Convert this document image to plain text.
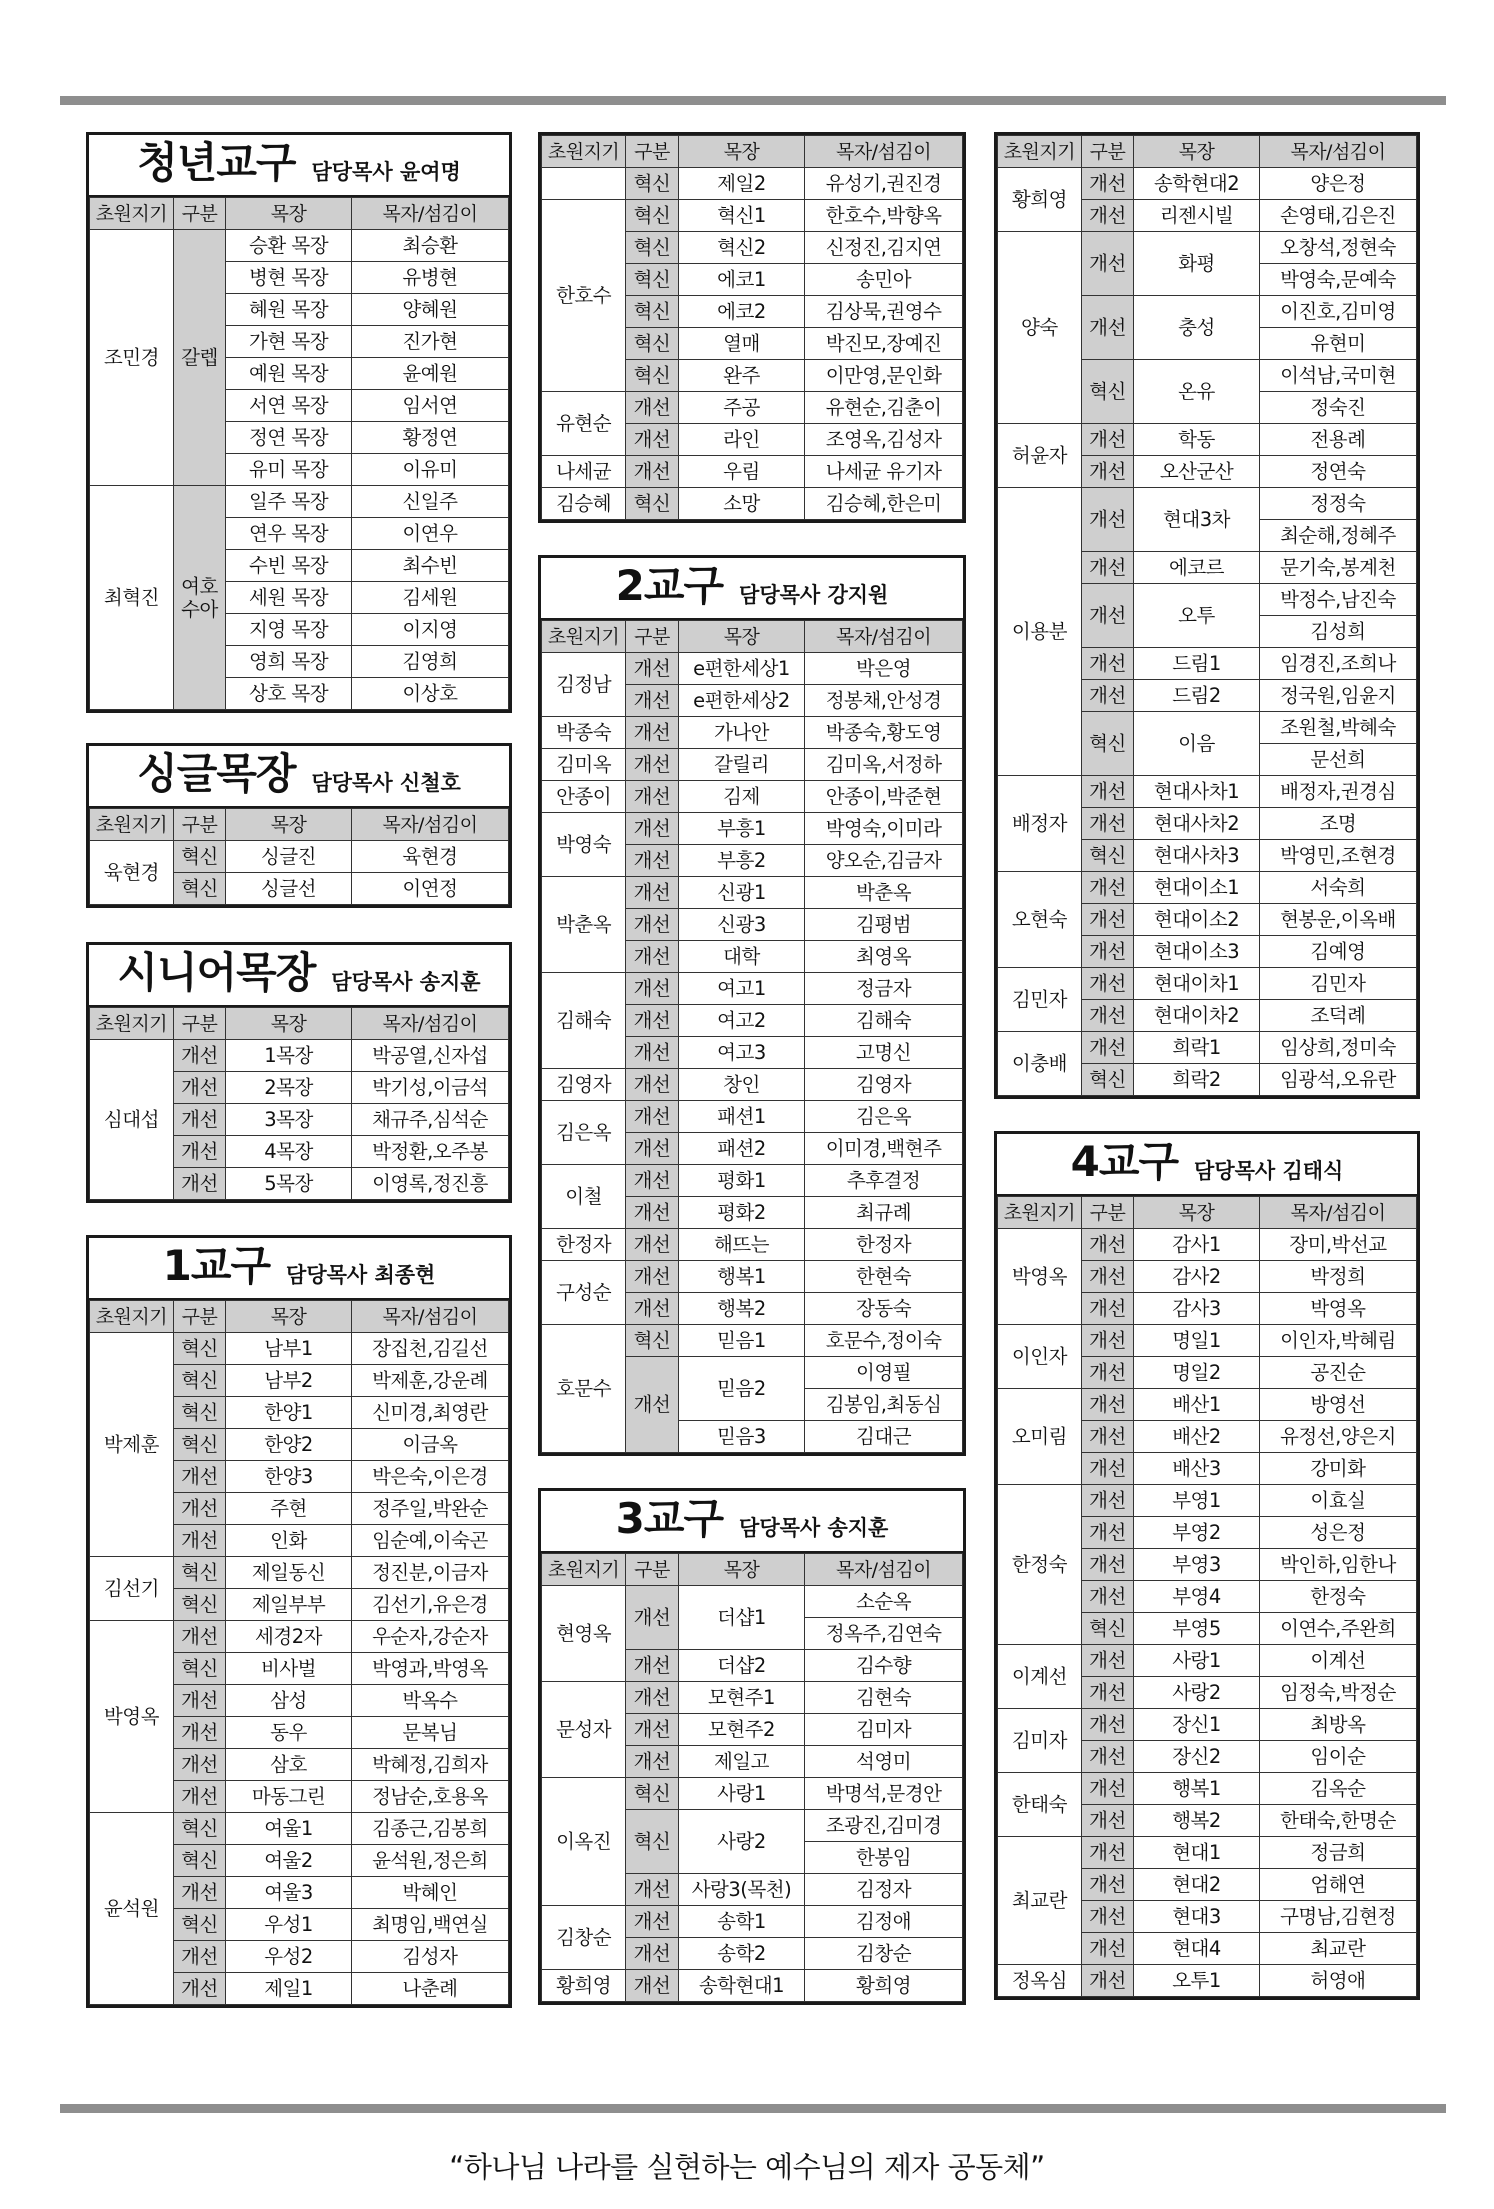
청년교구 담당목사 윤여명
초원지기	구분	목장	목자/섬김이
조민경	갈렙	승환 목장	최승환
		병현 목장	유병현
		혜원 목장	양혜원
		가현 목장	진가현
		예원 목장	윤예원
		서연 목장	임서연
		정연 목장	황정연
		유미 목장	이유미
최혁진	여호수아	일주 목장	신일주
		연우 목장	이연우
		수빈 목장	최수빈
		세원 목장	김세원
		지영 목장	이지영
		영희 목장	김영희
		상호 목장	이상호
싱글목장 담당목사 신철호
초원지기	구분	목장	목자/섬김이
육현경	혁신	싱글진	육현경
	혁신	싱글선	이연정
시니어목장 담당목사 송지훈
초원지기	구분	목장	목자/섬김이
심대섭	개선	1목장	박공열,신자섭
	개선	2목장	박기성,이금석
	개선	3목장	채규주,심석순
	개선	4목장	박정환,오주봉
	개선	5목장	이영록,정진흥
1교구 담당목사 최종현
초원지기	구분	목장	목자/섬김이
박제훈	혁신	남부1	장집천,김길선
	혁신	남부2	박제훈,강운례
	혁신	한양1	신미경,최영란
	혁신	한양2	이금옥
	개선	한양3	박은숙,이은경
	개선	주현	정주일,박완순
	개선	인화	임순예,이숙곤
김선기	혁신	제일동신	정진분,이금자
	혁신	제일부부	김선기,유은경
박영옥	개선	세경2자	우순자,강순자
	혁신	비사벌	박영과,박영옥
	개선	삼성	박옥수
	개선	동우	문복님
	개선	삼호	박혜정,김희자
	개선	마동그린	정남순,호용옥
윤석원	혁신	여울1	김종근,김봉희
	혁신	여울2	윤석원,정은희
	개선	여울3	박혜인
	혁신	우성1	최명임,백연실
	개선	우성2	김성자
	개선	제일1	나춘례
초원지기	구분	목장	목자/섬김이
	혁신	제일2	유성기,권진경
한호수	혁신	혁신1	한호수,박향옥
	혁신	혁신2	신정진,김지연
	혁신	에코1	송민아
	혁신	에코2	김상묵,권영수
	혁신	열매	박진모,장예진
	혁신	완주	이만영,문인화
유현순	개선	주공	유현순,김춘이
	개선	라인	조영옥,김성자
나세균	개선	우림	나세균 유기자
김승혜	혁신	소망	김승혜,한은미
2교구 담당목사 강지원
초원지기	구분	목장	목자/섬김이
김정남	개선	e편한세상1	박은영
	개선	e편한세상2	정봉채,안성경
박종숙	개선	가나안	박종숙,황도영
김미옥	개선	갈릴리	김미옥,서정하
안종이	개선	김제	안종이,박준현
박영숙	개선	부흥1	박영숙,이미라
	개선	부흥2	양오순,김금자
박춘옥	개선	신광1	박춘옥
	개선	신광3	김평범
	개선	대학	최영옥
김해숙	개선	여고1	정금자
	개선	여고2	김해숙
	개선	여고3	고명신
김영자	개선	창인	김영자
김은옥	개선	패션1	김은옥
	개선	패션2	이미경,백현주
이철	개선	평화1	추후결정
	개선	평화2	최규례
한정자	개선	해뜨는	한정자
구성순	개선	행복1	한현숙
	개선	행복2	장동숙
호문수	혁신	믿음1	호문수,정이숙
	개선	믿음2	이영필
			김봉임,최동심
		믿음3	김대근
3교구 담당목사 송지훈
초원지기	구분	목장	목자/섬김이
현영옥	개선	더샵1	소순옥
			정옥주,김연숙
	개선	더샵2	김수향
문성자	개선	모현주1	김현숙
	개선	모현주2	김미자
	개선	제일고	석영미
이옥진	혁신	사랑1	박명석,문경안
	혁신	사랑2	조광진,김미경
			한봉임
	개선	사랑3(목천)	김정자
김창순	개선	송학1	김정애
	개선	송학2	김창순
황희영	개선	송학현대1	황희영
초원지기	구분	목장	목자/섬김이
황희영	개선	송학현대2	양은정
	개선	리젠시빌	손영태,김은진
양숙	개선	화평	오창석,정현숙
			박영숙,문예숙
	개선	충성	이진호,김미영
			유현미
	혁신	온유	이석남,국미현
			정숙진
허윤자	개선	학동	전용례
	개선	오산군산	정연숙
이용분	개선	현대3차	정정숙
			최순해,정혜주
	개선	에코르	문기숙,봉계천
	개선	오투	박정수,남진숙
			김성희
	개선	드림1	임경진,조희나
	개선	드림2	정국원,임윤지
	혁신	이음	조원철,박혜숙
			문선희
배정자	개선	현대사차1	배정자,권경심
	개선	현대사차2	조명
	혁신	현대사차3	박영민,조현경
오현숙	개선	현대이소1	서숙희
	개선	현대이소2	현봉운,이옥배
	개선	현대이소3	김예영
김민자	개선	현대이차1	김민자
	개선	현대이차2	조덕례
이충배	개선	희락1	임상희,정미숙
	혁신	희락2	임광석,오유란
4교구 담당목사 김태식
초원지기	구분	목장	목자/섬김이
박영옥	개선	감사1	장미,박선교
	개선	감사2	박정희
	개선	감사3	박영옥
이인자	개선	명일1	이인자,박혜림
	개선	명일2	공진순
오미림	개선	배산1	방영선
	개선	배산2	유정선,양은지
	개선	배산3	강미화
한정숙	개선	부영1	이효실
	개선	부영2	성은정
	개선	부영3	박인하,임한나
	개선	부영4	한정숙
	혁신	부영5	이연수,주완희
이계선	개선	사랑1	이계선
	개선	사랑2	임정숙,박정순
김미자	개선	장신1	최방옥
	개선	장신2	임이순
한태숙	개선	행복1	김옥순
	개선	행복2	한태숙,한명순
최교란	개선	현대1	정금희
	개선	현대2	엄해연
	개선	현대3	구명남,김현정
	개선	현대4	최교란
정옥심	개선	오투1	허영애
“하나님 나라를 실현하는 예수님의 제자 공동체”
